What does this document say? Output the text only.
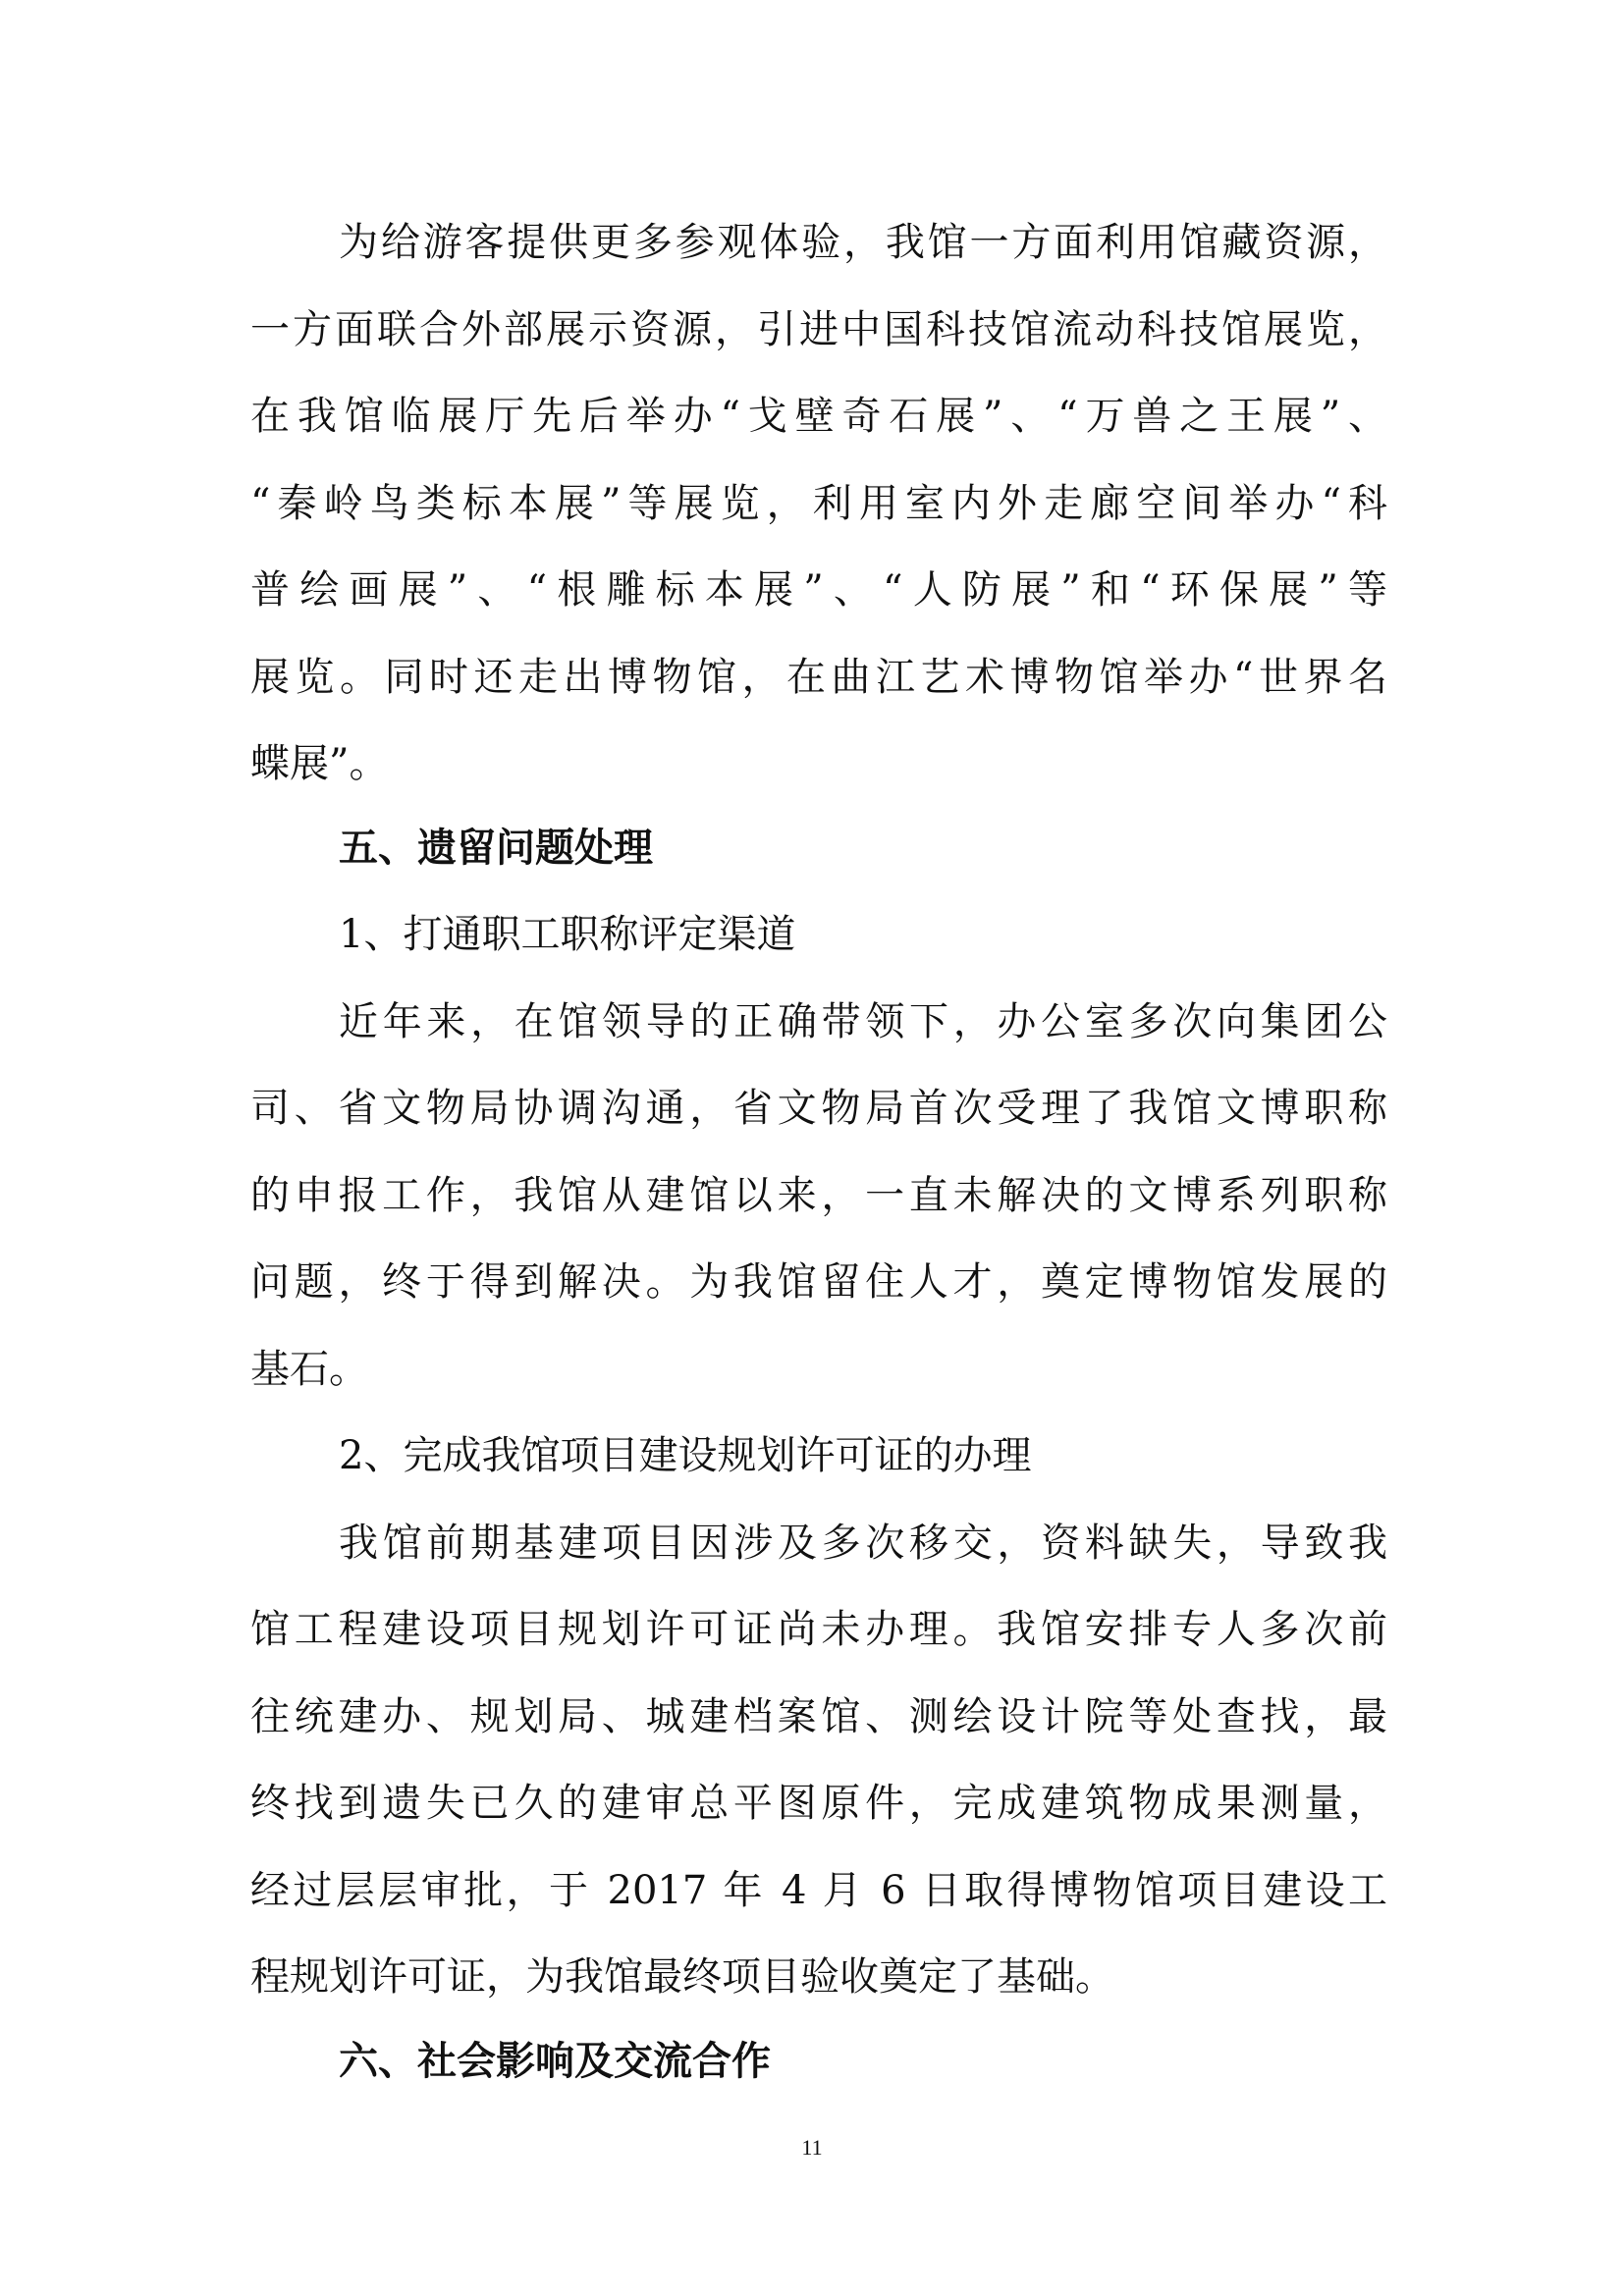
为给游客提供更多参观体验，我馆一方面利用馆藏资源，
一方面联合外部展示资源，引进中国科技馆流动科技馆展览，
在我馆临展厅先后举办“戈壁奇石展”、“万兽之王展”、
“秦岭鸟类标本展”等展览，利用室内外走廊空间举办“科
普绘画展”、“根雕标本展”、“人防展”和“环保展”等
展览。同时还走出博物馆，在曲江艺术博物馆举办“世界名
蝶展”。
五、遗留问题处理
1、打通职工职称评定渠道
近年来，在馆领导的正确带领下，办公室多次向集团公
司、省文物局协调沟通，省文物局首次受理了我馆文博职称
的申报工作，我馆从建馆以来，一直未解决的文博系列职称
问题，终于得到解决。为我馆留住人才，奠定博物馆发展的
基石。
2、完成我馆项目建设规划许可证的办理
我馆前期基建项目因涉及多次移交，资料缺失，导致我
馆工程建设项目规划许可证尚未办理。我馆安排专人多次前
往统建办、规划局、城建档案馆、测绘设计院等处查找，最
终找到遗失已久的建审总平图原件，完成建筑物成果测量，
经过层层审批，于 2017 年 4 月 6 日取得博物馆项目建设工
程规划许可证，为我馆最终项目验收奠定了基础。
六、社会影响及交流合作
11
